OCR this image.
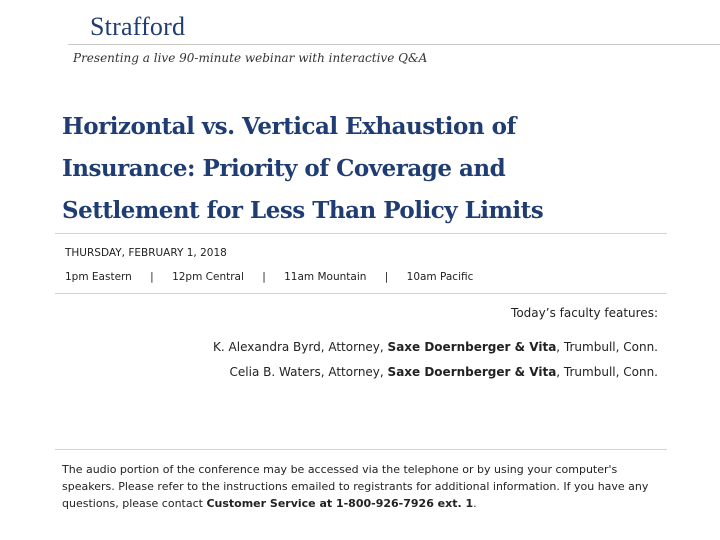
Strafford
Presenting a live 90-minute webinar with interactive Q&A
Horizontal vs. Vertical Exhaustion of
Insurance: Priority of Coverage and
Settlement for Less Than Policy Limits
THURSDAY, FEBRUARY 1, 2018
1pm Eastern | 12pm Central | 11am Mountain | 10am Pacific
Today’s faculty features:
K. Alexandra Byrd, Attorney, Saxe Doernberger & Vita, Trumbull, Conn.
Celia B. Waters, Attorney, Saxe Doernberger & Vita, Trumbull, Conn.
The audio portion of the conference may be accessed via the telephone or by using your computer's speakers. Please refer to the instructions emailed to registrants for additional information. If you have any questions, please contact Customer Service at 1-800-926-7926 ext. 1.
